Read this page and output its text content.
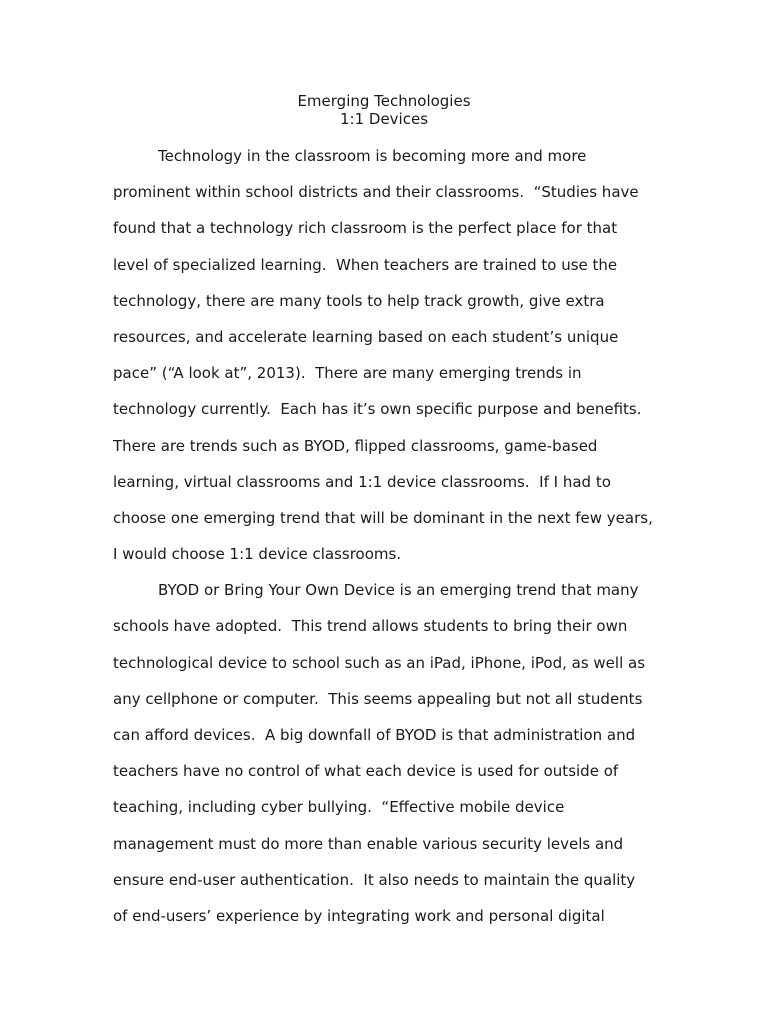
Emerging Technologies
1:1 Devices
Technology in the classroom is becoming more and more
prominent within school districts and their classrooms.  “Studies have
found that a technology rich classroom is the perfect place for that
level of specialized learning.  When teachers are trained to use the
technology, there are many tools to help track growth, give extra
resources, and accelerate learning based on each student’s unique
pace” (“A look at”, 2013).  There are many emerging trends in
technology currently.  Each has it’s own specific purpose and benefits.
There are trends such as BYOD, flipped classrooms, game-based
learning, virtual classrooms and 1:1 device classrooms.  If I had to
choose one emerging trend that will be dominant in the next few years,
I would choose 1:1 device classrooms.
BYOD or Bring Your Own Device is an emerging trend that many
schools have adopted.  This trend allows students to bring their own
technological device to school such as an iPad, iPhone, iPod, as well as
any cellphone or computer.  This seems appealing but not all students
can afford devices.  A big downfall of BYOD is that administration and
teachers have no control of what each device is used for outside of
teaching, including cyber bullying.  “Effective mobile device
management must do more than enable various security levels and
ensure end-user authentication.  It also needs to maintain the quality
of end-users’ experience by integrating work and personal digital
